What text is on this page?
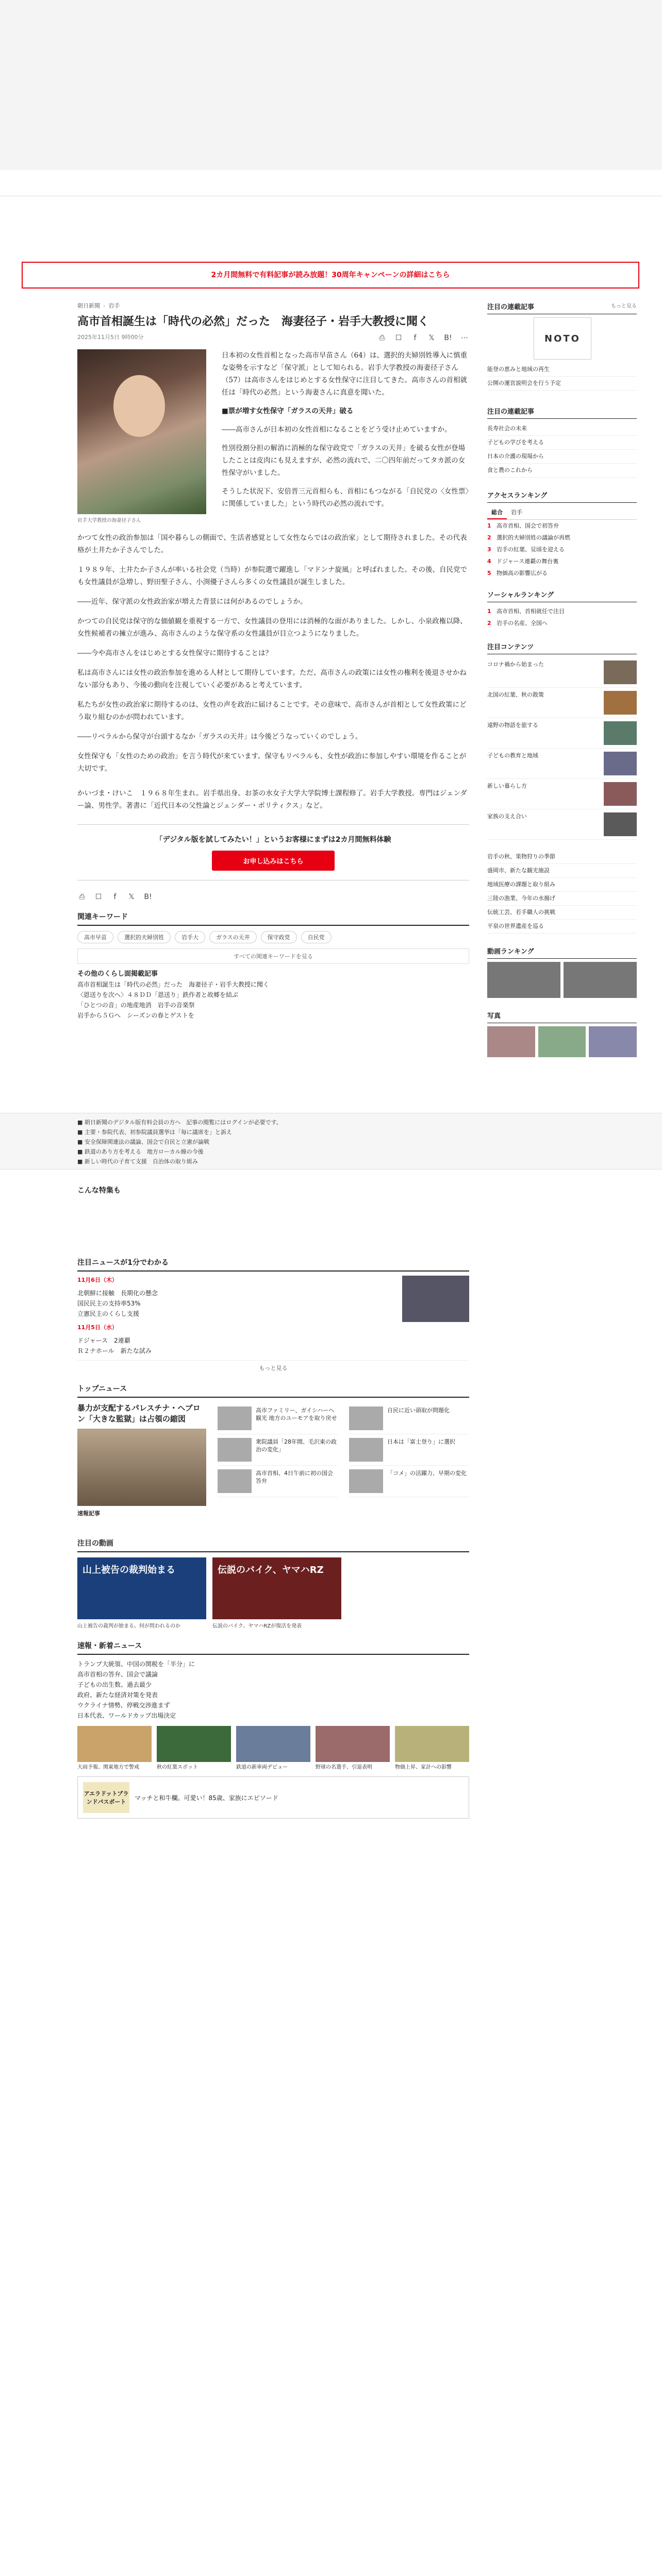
2カ月間無料で有料記事が読み放題！30周年キャンペーンの詳細はこちら
朝日新聞 › 岩手
高市首相誕生は「時代の必然」だった　海妻径子・岩手大教授に聞く
2025年11月5日 9時00分	⎙ ☐	f	𝕏 B! ⋯

日本初の女性首相となった高市早苗さん（64）は、選択的夫婦別姓導入に慎重な姿勢を示すなど「保守派」として知られる。岩手大学教授の海妻径子さん（57）は高市さんをはじめとする女性保守に注目してきた。高市さんの首相就任は「時代の必然」という海妻さんに真意を聞いた。

■票が増す女性保守「ガラスの天井」破る

――高市さんが日本初の女性首相になることをどう受け止めていますか。

性別役割分担の解消に消極的な保守政党で「ガラスの天井」を破る女性が登場したことは皮肉にも見えますが、必然の流れで、二〇四年前だってタカ派の女性保守がいました。

そうした状況下、安倍晋三元首相らも、首相にもつながる「自民党の〈女性票〉に関係していました」という時代の必然の流れです。

岩手大学教授の海妻径子さん

かつて女性の政治参加は「国や暮らしの側面で、生活者感覚として女性ならではの政治家」として期待されました。その代表格が土井たか子さんでした。

１９８９年、土井たか子さんが率いる社会党（当時）が参院選で躍進し「マドンナ旋風」と呼ばれました。その後、自民党でも女性議員が急増し、野田聖子さん、小渕優子さんら多くの女性議員が誕生しました。

――近年、保守派の女性政治家が増えた背景には何があるのでしょうか。

かつての自民党は保守的な価値観を重視する一方で、女性議員の登用には消極的な面がありました。しかし、小泉政権以降、女性候補者の擁立が進み、高市さんのような保守系の女性議員が目立つようになりました。

――今や高市さんをはじめとする女性保守に期待することは？

私は高市さんには女性の政治参加を進める人材として期待しています。ただ、高市さんの政策には女性の権利を後退させかねない部分もあり、今後の動向を注視していく必要があると考えています。

私たちが女性の政治家に期待するのは、女性の声を政治に届けることです。その意味で、高市さんが首相として女性政策にどう取り組むのかが問われています。

――リベラルから保守が台頭するなか「ガラスの天井」は今後どうなっていくのでしょう。

女性保守も「女性のための政治」を言う時代が来ています。保守もリベラルも、女性が政治に参加しやすい環境を作ることが大切です。

かいづま・けいこ　１９６８年生まれ。岩手県出身。お茶の水女子大学大学院博士課程修了。岩手大学教授。専門はジェンダー論、男性学。著書に「近代日本の父性論とジェンダー・ポリティクス」など。

「デジタル版を試してみたい！」というお客様にまずは2カ月間無料体験
お申し込みはこちら
⎙ ☐	f	𝕏 B!
関連キーワード
高市早苗	選択的夫婦別姓	岩手大	ガラスの天井	保守政党	自民党
すべての関連キーワードを見る
その他のくらし面掲載記事
高市首相誕生は「時代の必然」だった　海妻径子・岩手大教授に聞く
〈恩送りを次へ〉４８ＤＤ「恩送り」鉄作者と故郷を結ぶ
「ひとつの音」の地産地消　岩手の音楽祭
岩手から５Ｇへ　シーズンの春とゲストを
■ 朝日新聞のデジタル版有料会員の方へ　記事の閲覧にはログインが必要です。
■ 主要・参院代表、初参院議員選挙は「毎に議席を」と訴え
■ 安全保障関連法の議論、国会で自民と立憲が論戦
■ 鉄道のあり方を考える　地方ローカル線の今後
■ 新しい時代の子育て支援　自治体の取り組み
こんな特集も
注目ニュースが1分でわかる
11月6日（木）
北朝鮮に接触　長期化の懸念
国民民主の支持率53%
立憲民主のくらし支援
11月5日（水）
ドジャース　2連覇
Ｒ２ナホール　新たな試み
もっと見る
トップニュース
暴力が支配するパレスチナ・ヘブロン「大きな監獄」は占領の縮図
速報記事
高市ファミリー、ガイシハーへ観光 地方のユーモアを取り戻せ
衆院議員「28年間、毛沢東の政治の変化」
高市首相、4日午前に初の国会答弁
自民に近い頭取が問題化
日本は「富士登り」に選択
「コメ」の活躍力、早期の変化
注目の動画
山上被告の裁判始まる
山上被告の裁判が始まる。何が問われるのか
伝説のバイク、ヤマハRZ
伝説のバイク、ヤマハRZが復活を発表
速報・新着ニュース
トランプ大統領、中国の関税を「半分」に
高市首相の答弁、国会で議論
子どもの出生数、過去最少
政府、新たな経済対策を発表
ウクライナ情勢、停戦交渉進まず
日本代表、ワールドカップ出場決定
大雨予報、関東地方で警戒	秋の紅葉スポット	鉄道の新車両デビュー	野球の名選手、引退表明	物価上昇、家計への影響
アエラドットブランドパスポート
マッチと和牛欄。可愛い！85歳、家族にエピソード
注目の連載記事	もっと見る
NOTO
能登の恵みと地域の再生
公開の運営説明会を行う予定
注目の連載記事
長寿社会の未来
子どもの学びを考える
日本の介護の現場から
食と農のこれから
アクセスランキング
総合	岩手
1 高市首相、国会で初答弁
2 選択的夫婦別姓の議論が再燃
3 岩手の紅葉、見頃を迎える
4 ドジャース連覇の舞台裏
5 物価高の影響広がる
ソーシャルランキング
1 高市首相、首相就任で注目
2 岩手の名産、全国へ
注目コンテンツ
コロナ禍から始まった
北国の紅葉、秋の散策
遠野の物語を旅する
子どもの教育と地域
新しい暮らし方
家族の支え合い
岩手の秋、果物狩りの季節
盛岡市、新たな観光施設
地域医療の課題と取り組み
三陸の漁業、今年の水揚げ
伝統工芸、若手職人の挑戦
平泉の世界遺産を巡る
動画ランキング
写真
